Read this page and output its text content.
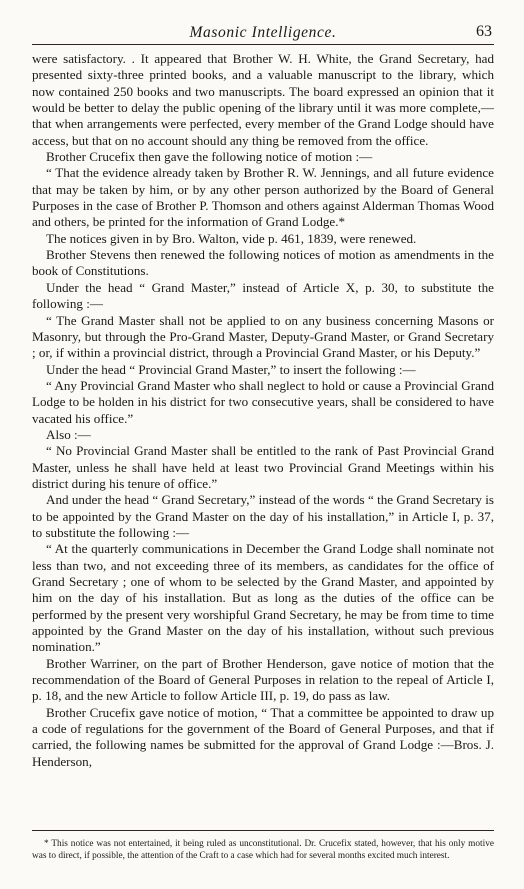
Masonic Intelligence.	63

were satisfactory. . It appeared that Brother W. H. White, the Grand Secretary, had presented sixty-three printed books, and a valuable manuscript to the library, which now contained 250 books and two manuscripts. The board expressed an opinion that it would be better to delay the public opening of the library until it was more complete,—that when arrangements were perfected, every member of the Grand Lodge should have access, but that on no account should any thing be removed from the office.

Brother Crucefix then gave the following notice of motion :—

“ That the evidence already taken by Brother R. W. Jennings, and all future evidence that may be taken by him, or by any other person authorized by the Board of General Purposes in the case of Brother P. Thomson and others against Alderman Thomas Wood and others, be printed for the information of Grand Lodge.*

The notices given in by Bro. Walton, vide p. 461, 1839, were renewed.

Brother Stevens then renewed the following notices of motion as amendments in the book of Constitutions.

Under the head “ Grand Master,” instead of Article X, p. 30, to substitute the following :—

“ The Grand Master shall not be applied to on any business concerning Masons or Masonry, but through the Pro-Grand Master, Deputy-Grand Master, or Grand Secretary ; or, if within a provincial district, through a Provincial Grand Master, or his Deputy.”

Under the head “ Provincial Grand Master,” to insert the following :—

“ Any Provincial Grand Master who shall neglect to hold or cause a Provincial Grand Lodge to be holden in his district for two consecutive years, shall be considered to have vacated his office.”

Also :—

“ No Provincial Grand Master shall be entitled to the rank of Past Provincial Grand Master, unless he shall have held at least two Provincial Grand Meetings within his district during his tenure of office.”

And under the head “ Grand Secretary,” instead of the words “ the Grand Secretary is to be appointed by the Grand Master on the day of his installation,” in Article I, p. 37, to substitute the following :—

“ At the quarterly communications in December the Grand Lodge shall nominate not less than two, and not exceeding three of its members, as candidates for the office of Grand Secretary ; one of whom to be selected by the Grand Master, and appointed by him on the day of his installation. But as long as the duties of the office can be performed by the present very worshipful Grand Secretary, he may be from time to time appointed by the Grand Master on the day of his installation, without such previous nomination.”

Brother Warriner, on the part of Brother Henderson, gave notice of motion that the recommendation of the Board of General Purposes in relation to the repeal of Article I, p. 18, and the new Article to follow Article III, p. 19, do pass as law.

Brother Crucefix gave notice of motion, “ That a committee be appointed to draw up a code of regulations for the government of the Board of General Purposes, and that if carried, the following names be submitted for the approval of Grand Lodge :—Bros. J. Henderson,

* This notice was not entertained, it being ruled as unconstitutional. Dr. Crucefix stated, however, that his only motive was to direct, if possible, the attention of the Craft to a case which had for several months excited much interest.
